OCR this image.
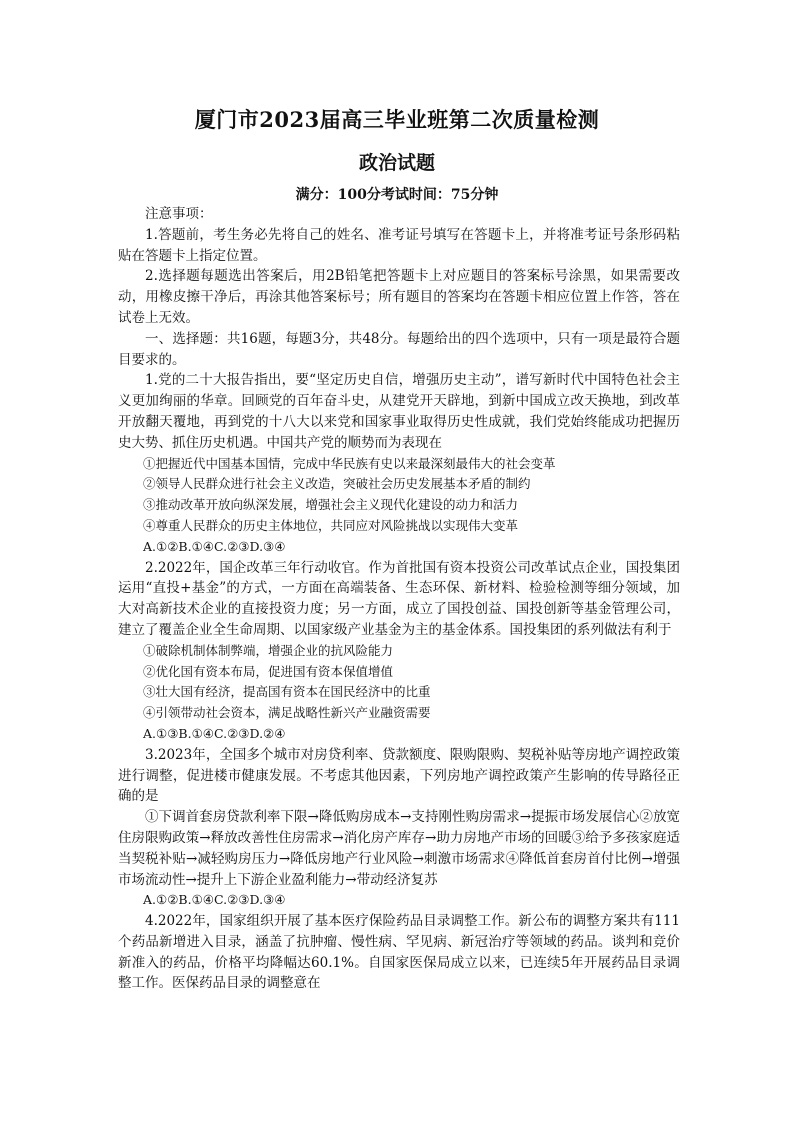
厦门市2023届高三毕业班第二次质量检测
政治试题
满分：100分考试时间：75分钟

注意事项：

1.答题前，考生务必先将自己的姓名、准考证号填写在答题卡上，并将准考证号条形码粘贴在答题卡上指定位置。

2.选择题每题选出答案后，用2B铅笔把答题卡上对应题目的答案标号涂黑，如果需要改动，用橡皮擦干净后，再涂其他答案标号；所有题目的答案均在答题卡相应位置上作答，答在试卷上无效。

一、选择题：共16题，每题3分，共48分。每题给出的四个选项中，只有一项是最符合题目要求的。

1.党的二十大报告指出，要“坚定历史自信，增强历史主动”，谱写新时代中国特色社会主义更加绚丽的华章。回顾党的百年奋斗史，从建党开天辟地，到新中国成立改天换地，到改革开放翻天覆地，再到党的十八大以来党和国家事业取得历史性成就，我们党始终能成功把握历史大势、抓住历史机遇。中国共产党的顺势而为表现在

①把握近代中国基本国情，完成中华民族有史以来最深刻最伟大的社会变革

②领导人民群众进行社会主义改造，突破社会历史发展基本矛盾的制约

③推动改革开放向纵深发展，增强社会主义现代化建设的动力和活力

④尊重人民群众的历史主体地位，共同应对风险挑战以实现伟大变革

A.①②B.①④C.②③D.③④

2.2022年，国企改革三年行动收官。作为首批国有资本投资公司改革试点企业，国投集团运用“直投+基金”的方式，一方面在高端装备、生态环保、新材料、检验检测等细分领域，加大对高新技术企业的直接投资力度；另一方面，成立了国投创益、国投创新等基金管理公司，建立了覆盖企业全生命周期、以国家级产业基金为主的基金体系。国投集团的系列做法有利于

①破除机制体制弊端，增强企业的抗风险能力

②优化国有资本布局，促进国有资本保值增值

③壮大国有经济，提高国有资本在国民经济中的比重

④引领带动社会资本，满足战略性新兴产业融资需要

A.①③B.①④C.②③D.②④

3.2023年，全国多个城市对房贷利率、贷款额度、限购限购、契税补贴等房地产调控政策进行调整，促进楼市健康发展。不考虑其他因素，下列房地产调控政策产生影响的传导路径正确的是

①下调首套房贷款利率下限→降低购房成本→支持刚性购房需求→提振市场发展信心②放宽住房限购政策→释放改善性住房需求→消化房产库存→助力房地产市场的回暖③给予多孩家庭适当契税补贴→减轻购房压力→降低房地产行业风险→刺激市场需求④降低首套房首付比例→增强市场流动性→提升上下游企业盈利能力→带动经济复苏

A.①②B.①④C.②③D.③④

4.2022年，国家组织开展了基本医疗保险药品目录调整工作。新公布的调整方案共有111个药品新增进入目录，涵盖了抗肿瘤、慢性病、罕见病、新冠治疗等领域的药品。谈判和竞价新准入的药品，价格平均降幅达60.1%。自国家医保局成立以来，已连续5年开展药品目录调整工作。医保药品目录的调整意在
